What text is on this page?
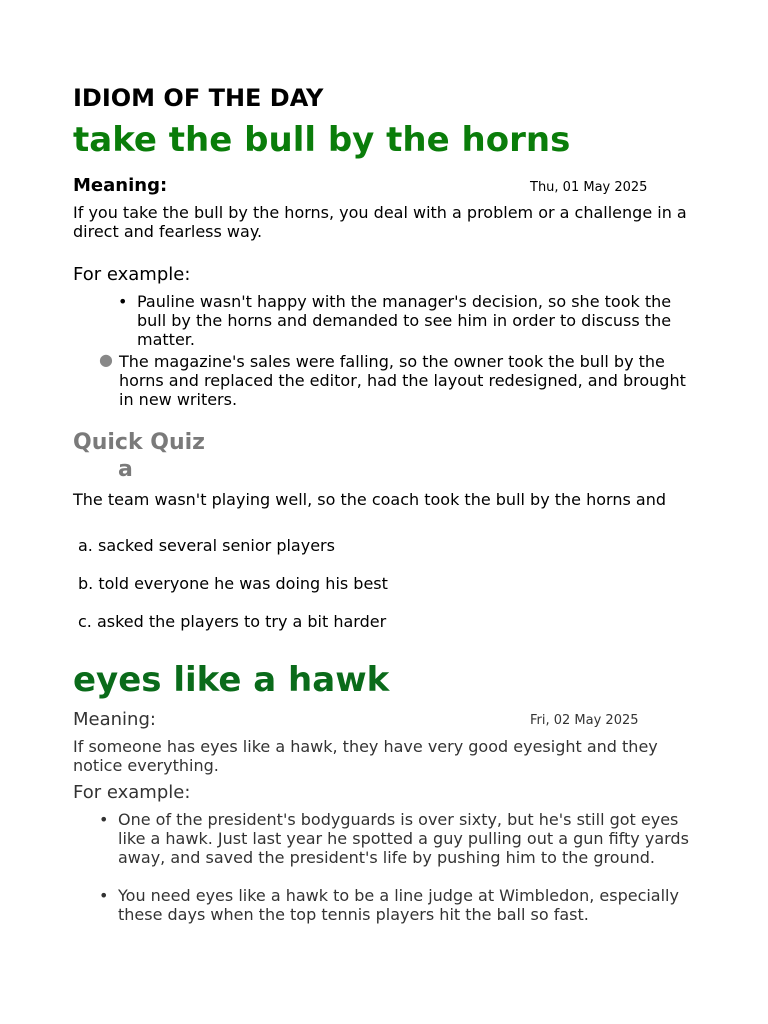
IDIOM OF THE DAY
take the bull by the horns
Meaning:	Thu, 01 May 2025
If you take the bull by the horns, you deal with a problem or a challenge in a direct and fearless way.
For example:
• Pauline wasn't happy with the manager's decision, so she took the bull by the horns and demanded to see him in order to discuss the matter.
● The magazine's sales were falling, so the owner took the bull by the horns and replaced the editor, had the layout redesigned, and brought in new writers.
Quick Quiz
a
The team wasn't playing well, so the coach took the bull by the horns and
a. sacked several senior players
b. told everyone he was doing his best
c. asked the players to try a bit harder
eyes like a hawk
Meaning:	Fri, 02 May 2025
If someone has eyes like a hawk, they have very good eyesight and they notice everything.
For example:
• One of the president's bodyguards is over sixty, but he's still got eyes like a hawk. Just last year he spotted a guy pulling out a gun fifty yards away, and saved the president's life by pushing him to the ground.
• You need eyes like a hawk to be a line judge at Wimbledon, especially these days when the top tennis players hit the ball so fast.
